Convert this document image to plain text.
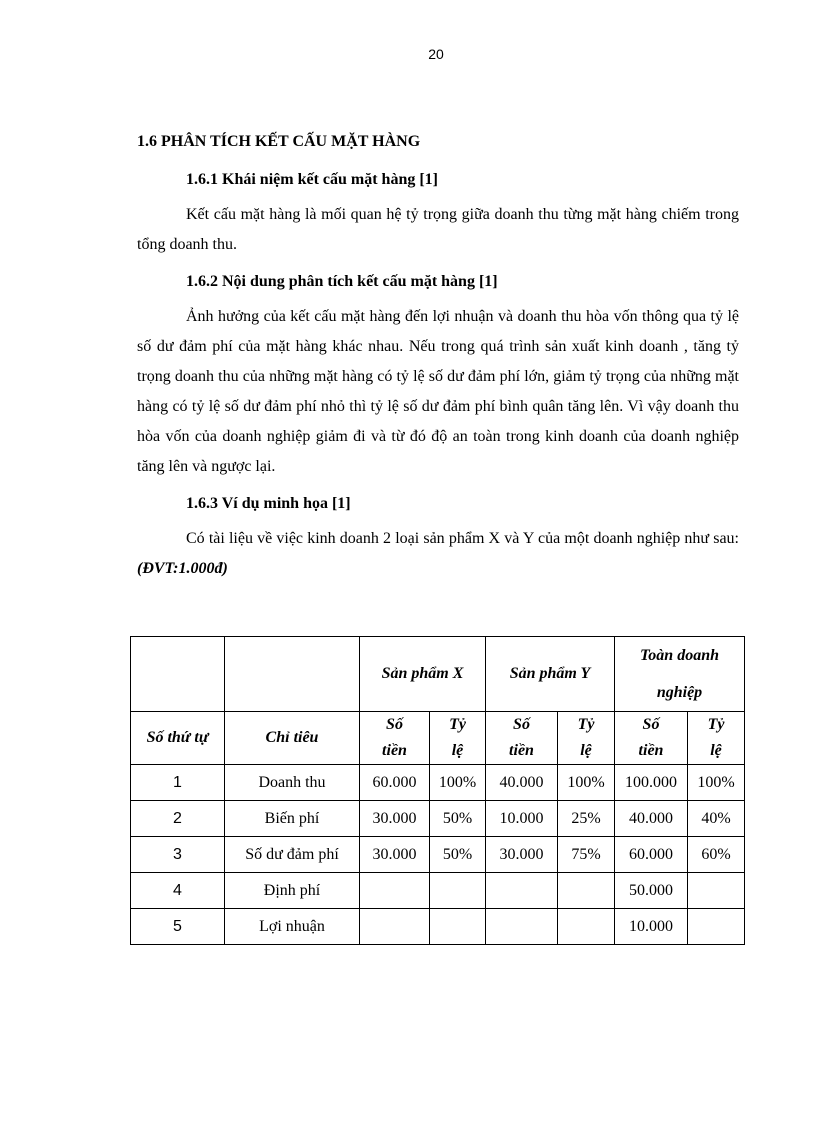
20

1.6 PHÂN TÍCH KẾT CẤU MẶT HÀNG

1.6.1 Khái niệm kết cấu mặt hàng [1]

Kết cấu mặt hàng là mối quan hệ tỷ trọng giữa doanh thu từng mặt hàng chiếm trong tổng doanh thu.

1.6.2 Nội dung phân tích kết cấu mặt hàng [1]

Ảnh hưởng của kết cấu mặt hàng đến lợi nhuận và doanh thu hòa vốn thông qua tỷ lệ số dư đảm phí của mặt hàng khác nhau. Nếu trong quá trình sản xuất kinh doanh , tăng tỷ trọng doanh thu của những mặt hàng có tỷ lệ số dư đảm phí lớn, giảm tỷ trọng của những mặt hàng có tỷ lệ số dư đảm phí nhỏ thì tỷ lệ số dư đảm phí bình quân tăng lên. Vì vậy doanh thu hòa vốn của doanh nghiệp giảm đi và từ đó độ an toàn trong kinh doanh của doanh nghiệp tăng lên và ngược lại.

1.6.3 Ví dụ minh họa [1]

Có tài liệu về việc kinh doanh 2 loại sản phẩm X và Y của một doanh nghiệp như sau: (ĐVT:1.000đ)

		Sản phẩm X		Sản phẩm Y		Toàn doanh nghiệp	
Số thứ tự	Chỉ tiêu	Số tiền	Tỷ lệ	Số tiền	Tỷ lệ	Số tiền	Tỷ lệ
1	Doanh thu	60.000	100%	40.000	100%	100.000	100%
2	Biến phí	30.000	50%	10.000	25%	40.000	40%
3	Số dư đảm phí	30.000	50%	30.000	75%	60.000	60%
4	Định phí					50.000	
5	Lợi nhuận					10.000	
